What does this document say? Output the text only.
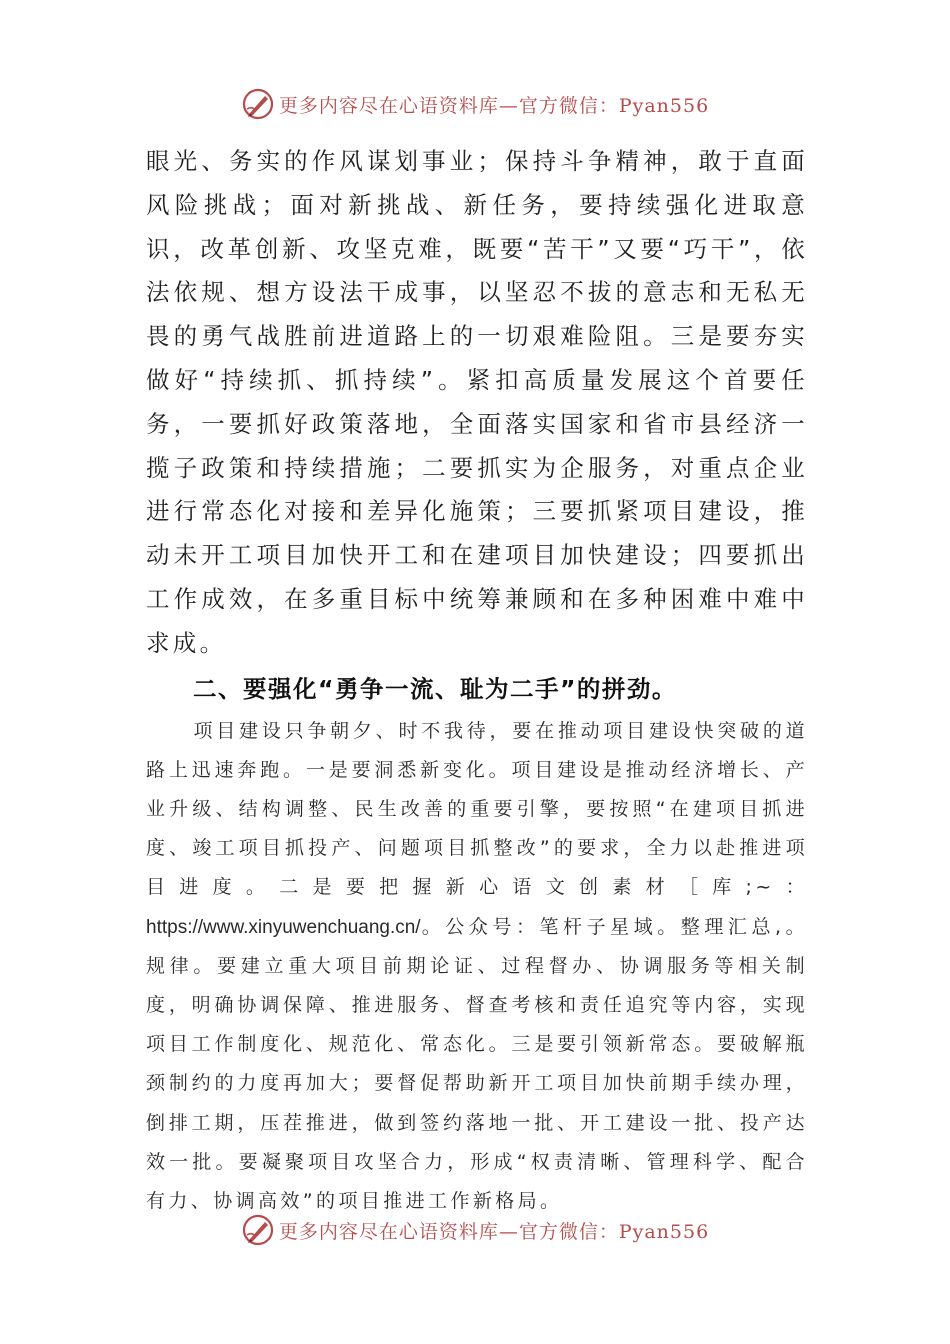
更多内容尽在心语资料库—官方微信：Pyan556

眼光、务实的作风谋划事业；保持斗争精神，敢于直面风险挑战；面对新挑战、新任务，要持续强化进取意识，改革创新、攻坚克难，既要“苦干”又要“巧干”，依法依规、想方设法干成事，以坚忍不拔的意志和无私无畏的勇气战胜前进道路上的一切艰难险阻。三是要夯实做好“持续抓、抓持续”。紧扣高质量发展这个首要任务，一要抓好政策落地，全面落实国家和省市县经济一揽子政策和持续措施；二要抓实为企服务，对重点企业进行常态化对接和差异化施策；三要抓紧项目建设，推动未开工项目加快开工和在建项目加快建设；四要抓出工作成效，在多重目标中统筹兼顾和在多种困难中难中求成。

二、要强化“勇争一流、耻为二手”的拼劲。

项目建设只争朝夕、时不我待，要在推动项目建设快突破的道路上迅速奔跑。一是要洞悉新变化。项目建设是推动经济增长、产业升级、结构调整、民生改善的重要引擎，要按照“在建项目抓进度、竣工项目抓投产、问题项目抓整改”的要求，全力以赴推进项目进度。二是要把握新心语文创素材［库;~：https://www.xinyuwenchuang.cn/。公众号：笔杆子星域。整理汇总,。规律。要建立重大项目前期论证、过程督办、协调服务等相关制度，明确协调保障、推进服务、督查考核和责任追究等内容，实现项目工作制度化、规范化、常态化。三是要引领新常态。要破解瓶颈制约的力度再加大；要督促帮助新开工项目加快前期手续办理，倒排工期，压茬推进，做到签约落地一批、开工建设一批、投产达效一批。要凝聚项目攻坚合力，形成“权责清晰、管理科学、配合有力、协调高效”的项目推进工作新格局。

更多内容尽在心语资料库—官方微信：Pyan556
